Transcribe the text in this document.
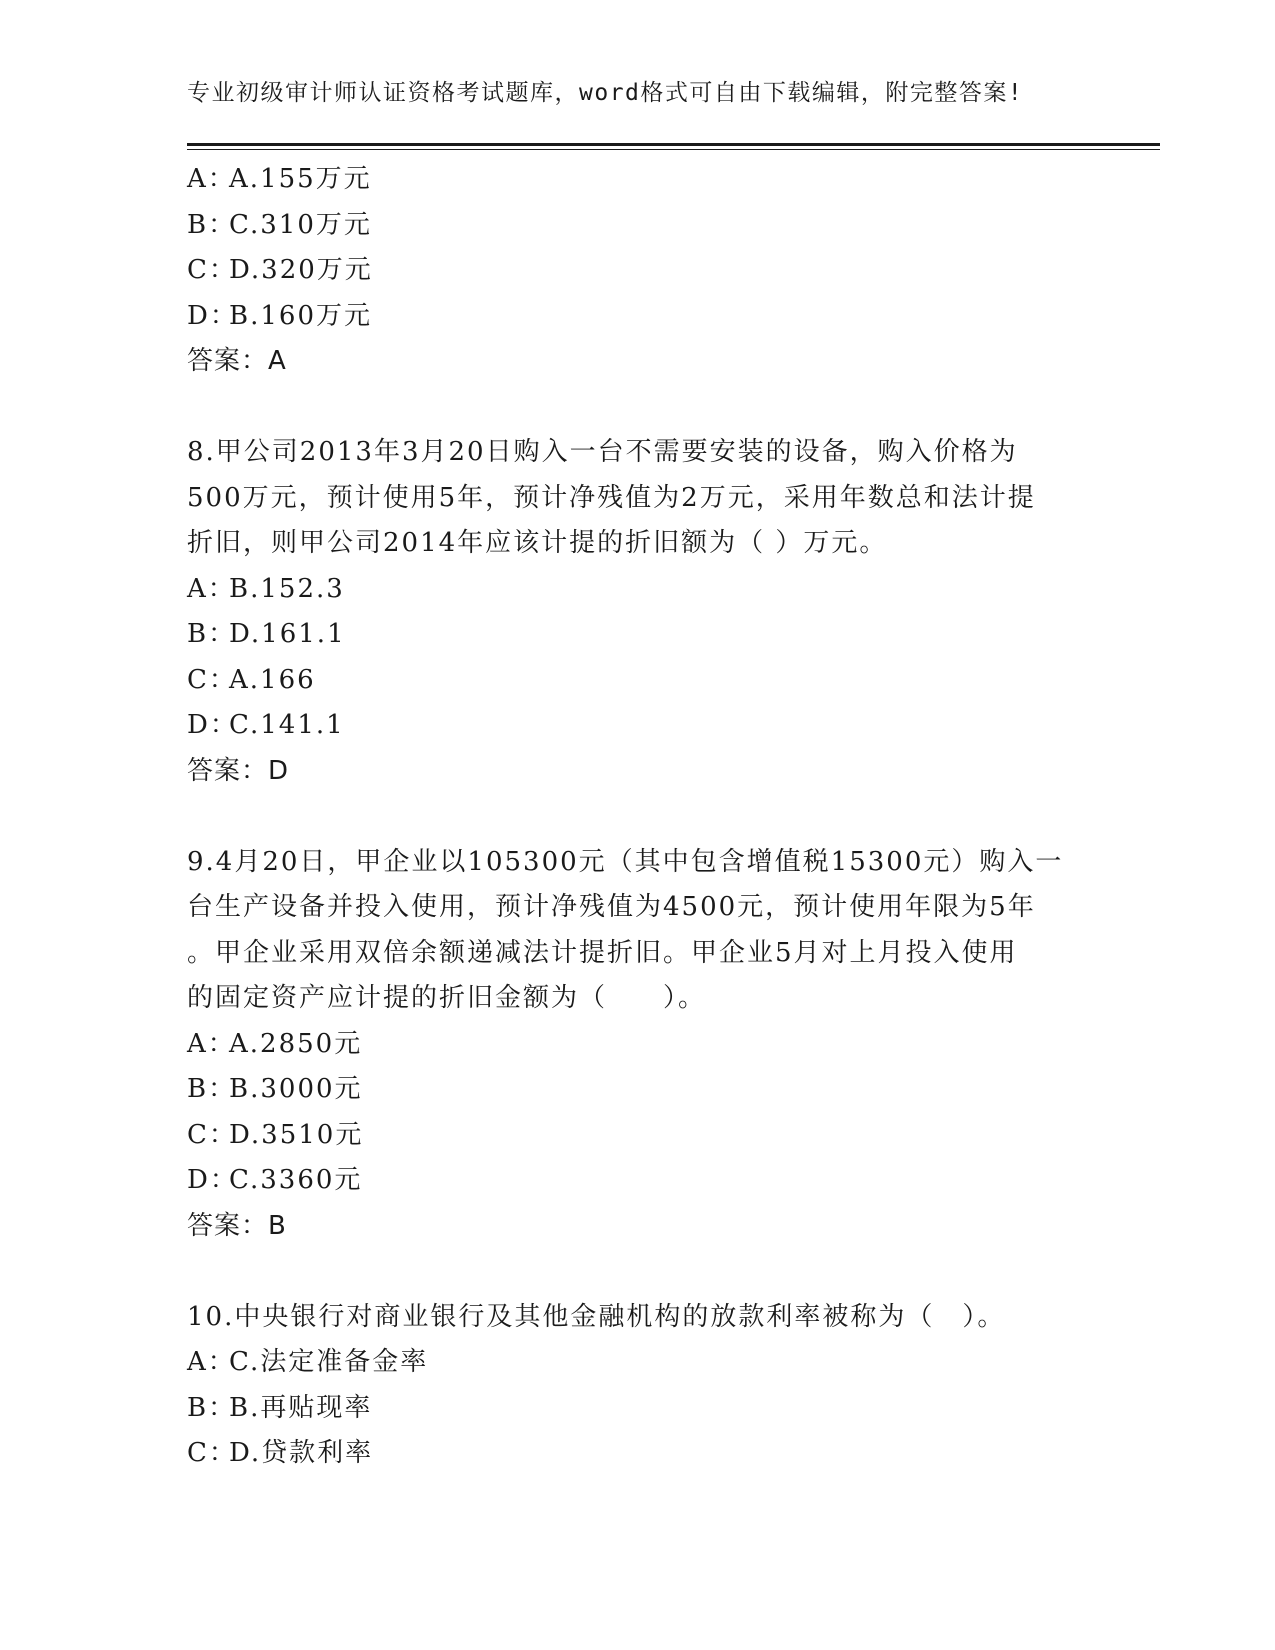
专业初级审计师认证资格考试题库，word格式可自由下载编辑，附完整答案!
A：A.155万元
B：C.310万元
C：D.320万元
D：B.160万元
答案：A
8.甲公司2013年3月20日购入一台不需要安装的设备，购入价格为
500万元，预计使用5年，预计净残值为2万元，采用年数总和法计提
折旧，则甲公司2014年应该计提的折旧额为（ ）万元。
A：B.152.3
B：D.161.1
C：A.166
D：C.141.1
答案：D
9.4月20日，甲企业以105300元（其中包含增值税15300元）购入一
台生产设备并投入使用，预计净残值为4500元，预计使用年限为5年
。甲企业采用双倍余额递减法计提折旧。甲企业5月对上月投入使用
的固定资产应计提的折旧金额为（　　）。
A：A.2850元
B：B.3000元
C：D.3510元
D：C.3360元
答案：B
10.中央银行对商业银行及其他金融机构的放款利率被称为（　）。
A：C.法定准备金率
B：B.再贴现率
C：D.贷款利率
